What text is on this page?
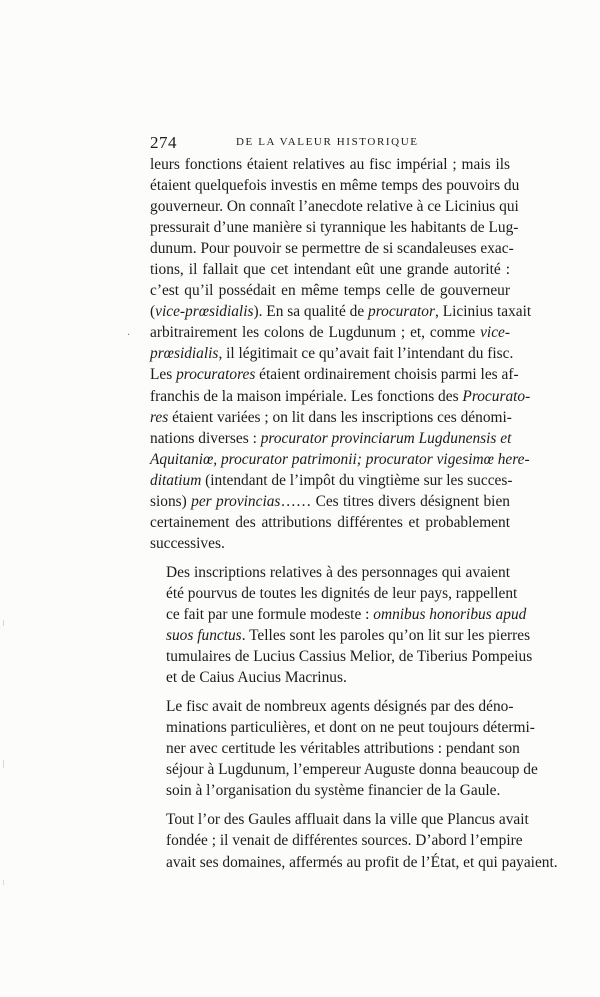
274	DE LA VALEUR HISTORIQUE
leurs fonctions étaient relatives au fisc impérial ; mais ils
étaient quelquefois investis en même temps des pouvoirs du
gouverneur. On connaît l’anecdote relative à ce Licinius qui
pressurait d’une manière si tyrannique les habitants de Lug-
dunum. Pour pouvoir se permettre de si scandaleuses exac-
tions, il fallait que cet intendant eût une grande autorité :
c’est qu’il possédait en même temps celle de gouverneur
(vice-prœsidialis). En sa qualité de procurator, Licinius taxait
arbitrairement les colons de Lugdunum ; et, comme vice-
prœsidialis, il légitimait ce qu’avait fait l’intendant du fisc.
Les procuratores étaient ordinairement choisis parmi les af-
franchis de la maison impériale. Les fonctions des Procurato-
res étaient variées ; on lit dans les inscriptions ces dénomi-
nations diverses : procurator provinciarum Lugdunensis et
Aquitaniœ, procurator patrimonii; procurator vigesimœ here-
ditatium (intendant de l’impôt du vingtième sur les succes-
sions) per provincias…… Ces titres divers désignent bien
certainement des attributions différentes et probablement
successives.
Des inscriptions relatives à des personnages qui avaient
été pourvus de toutes les dignités de leur pays, rappellent
ce fait par une formule modeste : omnibus honoribus apud
suos functus. Telles sont les paroles qu’on lit sur les pierres
tumulaires de Lucius Cassius Melior, de Tiberius Pompeius
et de Caius Aucius Macrinus.
Le fisc avait de nombreux agents désignés par des déno-
minations particulières, et dont on ne peut toujours détermi-
ner avec certitude les véritables attributions : pendant son
séjour à Lugdunum, l’empereur Auguste donna beaucoup de
soin à l’organisation du système financier de la Gaule.
Tout l’or des Gaules affluait dans la ville que Plancus avait
fondée ; il venait de différentes sources. D’abord l’empire
avait ses domaines, affermés au profit de l’État, et qui payaient.
·
